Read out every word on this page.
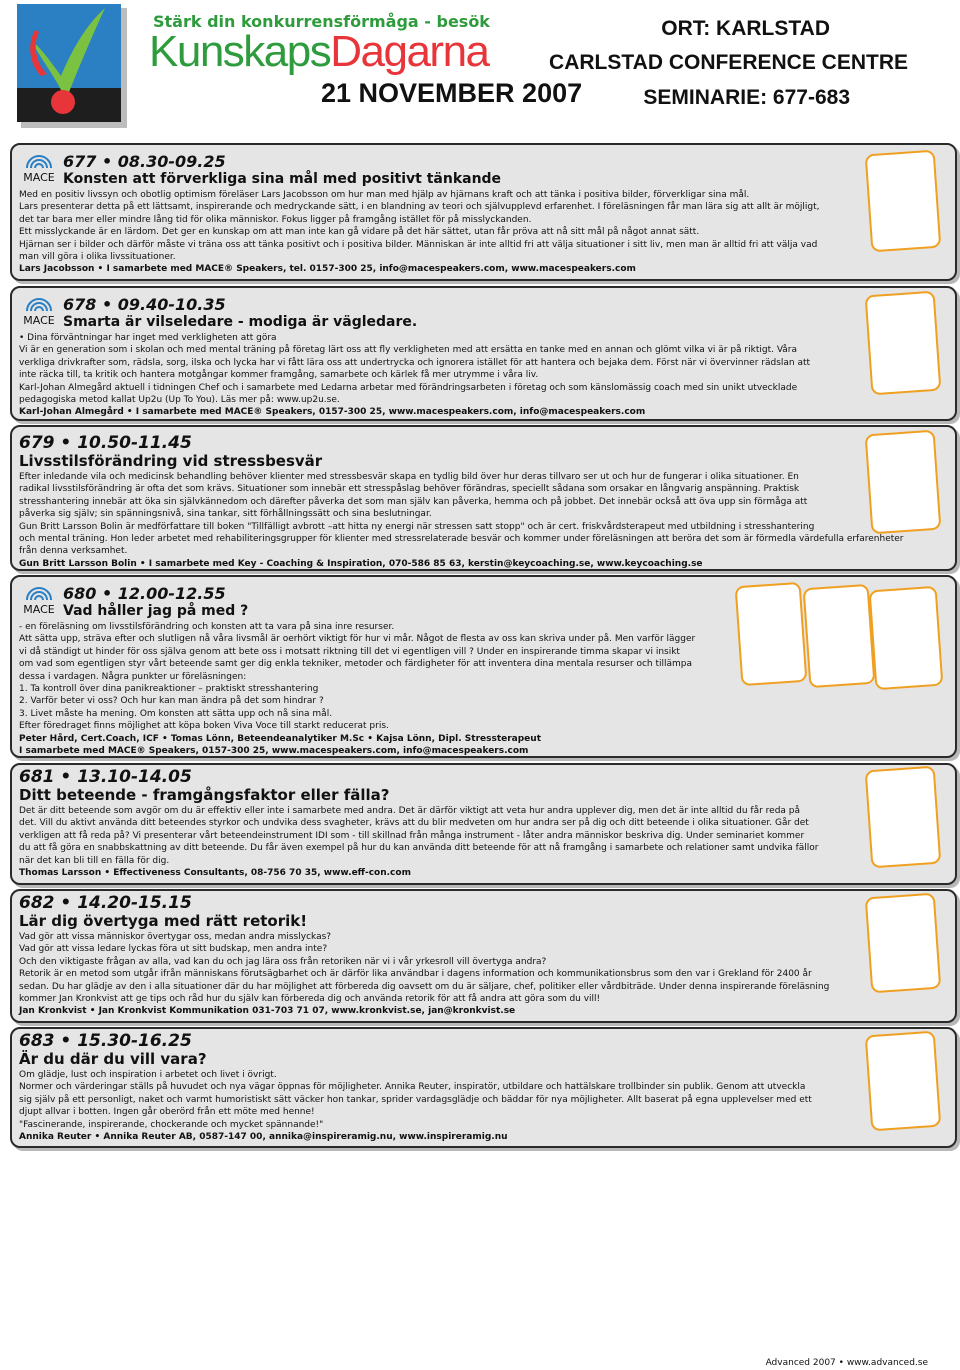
Stärk din konkurrensförmåga - besök
KunskapsDagarna
21 NOVEMBER 2007
ORT: KARLSTAD
CARLSTAD CONFERENCE CENTRE
SEMINARIE: 677-683
MACE
677 • 08.30-09.25
Konsten att förverkliga sina mål med positivt tänkande

Med en positiv livssyn och obotlig optimism föreläser Lars Jacobsson om hur man med hjälp av hjärnans kraft och att tänka i positiva bilder, förverkligar sina mål.

Lars presenterar detta på ett lättsamt, inspirerande och medryckande sätt, i en blandning av teori och självupplevd erfarenhet. I föreläsningen får man lära sig att allt är möjligt,

det tar bara mer eller mindre lång tid för olika människor. Fokus ligger på framgång istället för på misslyckanden.

Ett misslyckande är en lärdom. Det ger en kunskap om att man inte kan gå vidare på det här sättet, utan får pröva att nå sitt mål på något annat sätt.

Hjärnan ser i bilder och därför måste vi träna oss att tänka positivt och i positiva bilder. Människan är inte alltid fri att välja situationer i sitt liv, men man är alltid fri att välja vad

man vill göra i olika livssituationer.

Lars Jacobsson • I samarbete med MACE® Speakers, tel. 0157-300 25, info@macespeakers.com, www.macespeakers.com

MACE
678 • 09.40-10.35
Smarta är vilseledare - modiga är vägledare.

• Dina förväntningar har inget med verkligheten att göra

Vi är en generation som i skolan och med mental träning på företag lärt oss att fly verkligheten med att ersätta en tanke med en annan och glömt vilka vi är på riktigt. Våra

verkliga drivkrafter som, rädsla, sorg, ilska och lycka har vi fått lära oss att undertrycka och ignorera istället för att hantera och bejaka dem. Först när vi övervinner rädslan att

inte räcka till, ta kritik och hantera motgångar kommer framgång, samarbete och kärlek få mer utrymme i våra liv.

Karl-Johan Almegård aktuell i tidningen Chef och i samarbete med Ledarna arbetar med förändringsarbeten i företag och som känslomässig coach med sin unikt utvecklade

pedagogiska metod kallat Up2u (Up To You). Läs mer på: www.up2u.se.

Karl-Johan Almegård • I samarbete med MACE® Speakers, 0157-300 25, www.macespeakers.com, info@macespeakers.com

679 • 10.50-11.45
Livsstilsförändring vid stressbesvär

Efter inledande vila och medicinsk behandling behöver klienter med stressbesvär skapa en tydlig bild över hur deras tillvaro ser ut och hur de fungerar i olika situationer. En

radikal livsstilsförändring är ofta det som krävs. Situationer som innebär ett stresspåslag behöver förändras, speciellt sådana som orsakar en långvarig anspänning. Praktisk

stresshantering innebär att öka sin självkännedom och därefter påverka det som man själv kan påverka, hemma och på jobbet. Det innebär också att öva upp sin förmåga att

påverka sig själv; sin spänningsnivå, sina tankar, sitt förhållningssätt och sina beslutningar.

Gun Britt Larsson Bolin är medförfattare till boken "Tillfälligt avbrott –att hitta ny energi när stressen satt stopp" och är cert. friskvårdsterapeut med utbildning i stresshantering

och mental träning. Hon leder arbetet med rehabiliteringsgrupper för klienter med stressrelaterade besvär och kommer under föreläsningen att beröra det som är förmedla värdefulla erfarenheter

från denna verksamhet.

Gun Britt Larsson Bolin • I samarbete med Key - Coaching & Inspiration, 070-586 85 63, kerstin@keycoaching.se, www.keycoaching.se

MACE
680 • 12.00-12.55
Vad håller jag på med ?

- en föreläsning om livsstilsförändring och konsten att ta vara på sina inre resurser.

Att sätta upp, sträva efter och slutligen nå våra livsmål är oerhört viktigt för hur vi mår. Något de flesta av oss kan skriva under på. Men varför lägger

vi då ständigt ut hinder för oss själva genom att bete oss i motsatt riktning till det vi egentligen vill ? Under en inspirerande timma skapar vi insikt

om vad som egentligen styr vårt beteende samt ger dig enkla tekniker, metoder och färdigheter för att inventera dina mentala resurser och tillämpa

dessa i vardagen. Några punkter ur föreläsningen:

1. Ta kontroll över dina panikreaktioner – praktiskt stresshantering

2. Varför beter vi oss? Och hur kan man ändra på det som hindrar ?

3. Livet måste ha mening. Om konsten att sätta upp och nå sina mål.

Efter föredraget finns möjlighet att köpa boken Viva Voce till starkt reducerat pris.

Peter Hård, Cert.Coach, ICF • Tomas Lönn, Beteendeanalytiker M.Sc • Kajsa Lönn, Dipl. Stressterapeut

I samarbete med MACE® Speakers, 0157-300 25, www.macespeakers.com, info@macespeakers.com

681 • 13.10-14.05
Ditt beteende - framgångsfaktor eller fälla?

Det är ditt beteende som avgör om du är effektiv eller inte i samarbete med andra. Det är därför viktigt att veta hur andra upplever dig, men det är inte alltid du får reda på

det. Vill du aktivt använda ditt beteendes styrkor och undvika dess svagheter, krävs att du blir medveten om hur andra ser på dig och ditt beteende i olika situationer. Går det

verkligen att få reda på? Vi presenterar vårt beteendeinstrument IDI som - till skillnad från många instrument - låter andra människor beskriva dig. Under seminariet kommer

du att få göra en snabbskattning av ditt beteende. Du får även exempel på hur du kan använda ditt beteende för att nå framgång i samarbete och relationer samt undvika fällor

när det kan bli till en fälla för dig.

Thomas Larsson • Effectiveness Consultants, 08-756 70 35, www.eff-con.com

682 • 14.20-15.15
Lär dig övertyga med rätt retorik!

Vad gör att vissa människor övertygar oss, medan andra misslyckas?

Vad gör att vissa ledare lyckas föra ut sitt budskap, men andra inte?

Och den viktigaste frågan av alla, vad kan du och jag lära oss från retoriken när vi i vår yrkesroll vill övertyga andra?

Retorik är en metod som utgår ifrån människans förutsägbarhet och är därför lika användbar i dagens information och kommunikationsbrus som den var i Grekland för 2400 år

sedan. Du har glädje av den i alla situationer där du har möjlighet att förbereda dig oavsett om du är säljare, chef, politiker eller vårdbiträde. Under denna inspirerande föreläsning

kommer Jan Kronkvist att ge tips och råd hur du själv kan förbereda dig och använda retorik för att få andra att göra som du vill!

Jan Kronkvist • Jan Kronkvist Kommunikation 031-703 71 07, www.kronkvist.se, jan@kronkvist.se

683 • 15.30-16.25
Är du där du vill vara?

Om glädje, lust och inspiration i arbetet och livet i övrigt.

Normer och värderingar ställs på huvudet och nya vägar öppnas för möjligheter. Annika Reuter, inspiratör, utbildare och hattälskare trollbinder sin publik. Genom att utveckla

sig själv på ett personligt, naket och varmt humoristiskt sätt väcker hon tankar, sprider vardagsglädje och bäddar för nya möjligheter. Allt baserat på egna upplevelser med ett

djupt allvar i botten. Ingen går oberörd från ett möte med henne!

"Fascinerande, inspirerande, chockerande och mycket spännande!"

Annika Reuter • Annika Reuter AB, 0587-147 00, annika@inspireramig.nu, www.inspireramig.nu

Advanced 2007 • www.advanced.se
